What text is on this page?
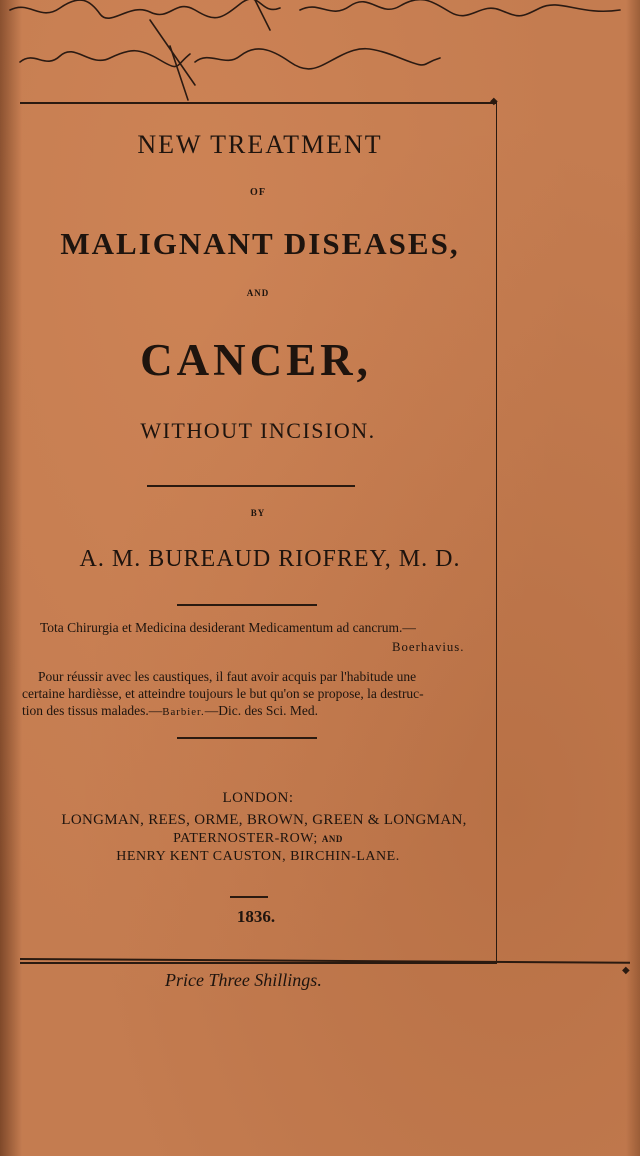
◆
◆
NEW TREATMENT
OF
MALIGNANT DISEASES,
AND
CANCER,
WITHOUT INCISION.
BY
A. M. BUREAUD RIOFREY, M. D.
Tota Chirurgia et Medicina desiderant Medicamentum ad cancrum.—
Boerhavius.
Pour réussir avec les caustiques, il faut avoir acquis par l'habitude une
certaine hardièsse, et atteindre toujours le but qu'on se propose, la destruc-
tion des tissus malades.—Barbier.—Dic. des Sci. Med.
LONDON:
LONGMAN, REES, ORME, BROWN, GREEN & LONGMAN,
PATERNOSTER-ROW; AND
HENRY KENT CAUSTON, BIRCHIN-LANE.
1836.
Price Three Shillings.
